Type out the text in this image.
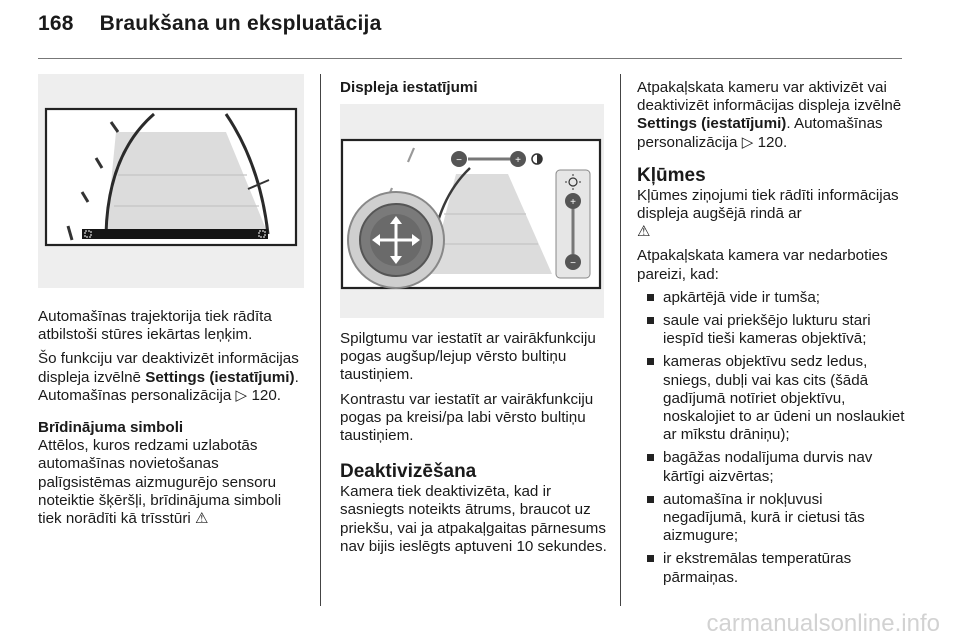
168 Braukšana un ekspluatācija

Automašīnas trajektorija tiek rādīta atbilstoši stūres iekārtas leņķim.

Šo funkciju var deaktivizēt informācijas displeja izvēlnē Settings (iestatījumi). Automašīnas personalizācija ▷ 120.

Brīdinājuma simboli

Attēlos, kuros redzami uzlabotās automašīnas novietošanas palīgsistēmas aizmugurējo sensoru noteiktie šķēršļi, brīdinājuma simboli tiek norādīti kā trīsstūri ⚠

Displeja iestatījumi

−	+
+
−

Spilgtumu var iestatīt ar vairākfunkciju pogas augšup/lejup vērsto bultiņu taustiņiem.

Kontrastu var iestatīt ar vairākfunkciju pogas pa kreisi/pa labi vērsto bultiņu taustiņiem.

Deaktivizēšana

Kamera tiek deaktivizēta, kad ir sasniegts noteikts ātrums, braucot uz priekšu, vai ja atpakaļgaitas pārnesums nav bijis ieslēgts aptuveni 10 sekundes.

Atpakaļskata kameru var aktivizēt vai deaktivizēt informācijas displeja izvēlnē Settings (iestatījumi). Automašīnas personalizācija ▷ 120.

Kļūmes

Kļūmes ziņojumi tiek rādīti informācijas displeja augšējā rindā ar
⚠

Atpakaļskata kamera var nedarboties pareizi, kad:

apkārtējā vide ir tumša;
saule vai priekšējo lukturu stari iespīd tieši kameras objektīvā;
kameras objektīvu sedz ledus, sniegs, dubļi vai kas cits (šādā gadījumā notīriet objektīvu, noskalojiet to ar ūdeni un noslaukiet ar mīkstu drāniņu);
bagāžas nodalījuma durvis nav kārtīgi aizvērtas;
automašīna ir nokļuvusi negadījumā, kurā ir cietusi tās aizmugure;
ir ekstremālas temperatūras pārmaiņas.
carmanualsonline.info
